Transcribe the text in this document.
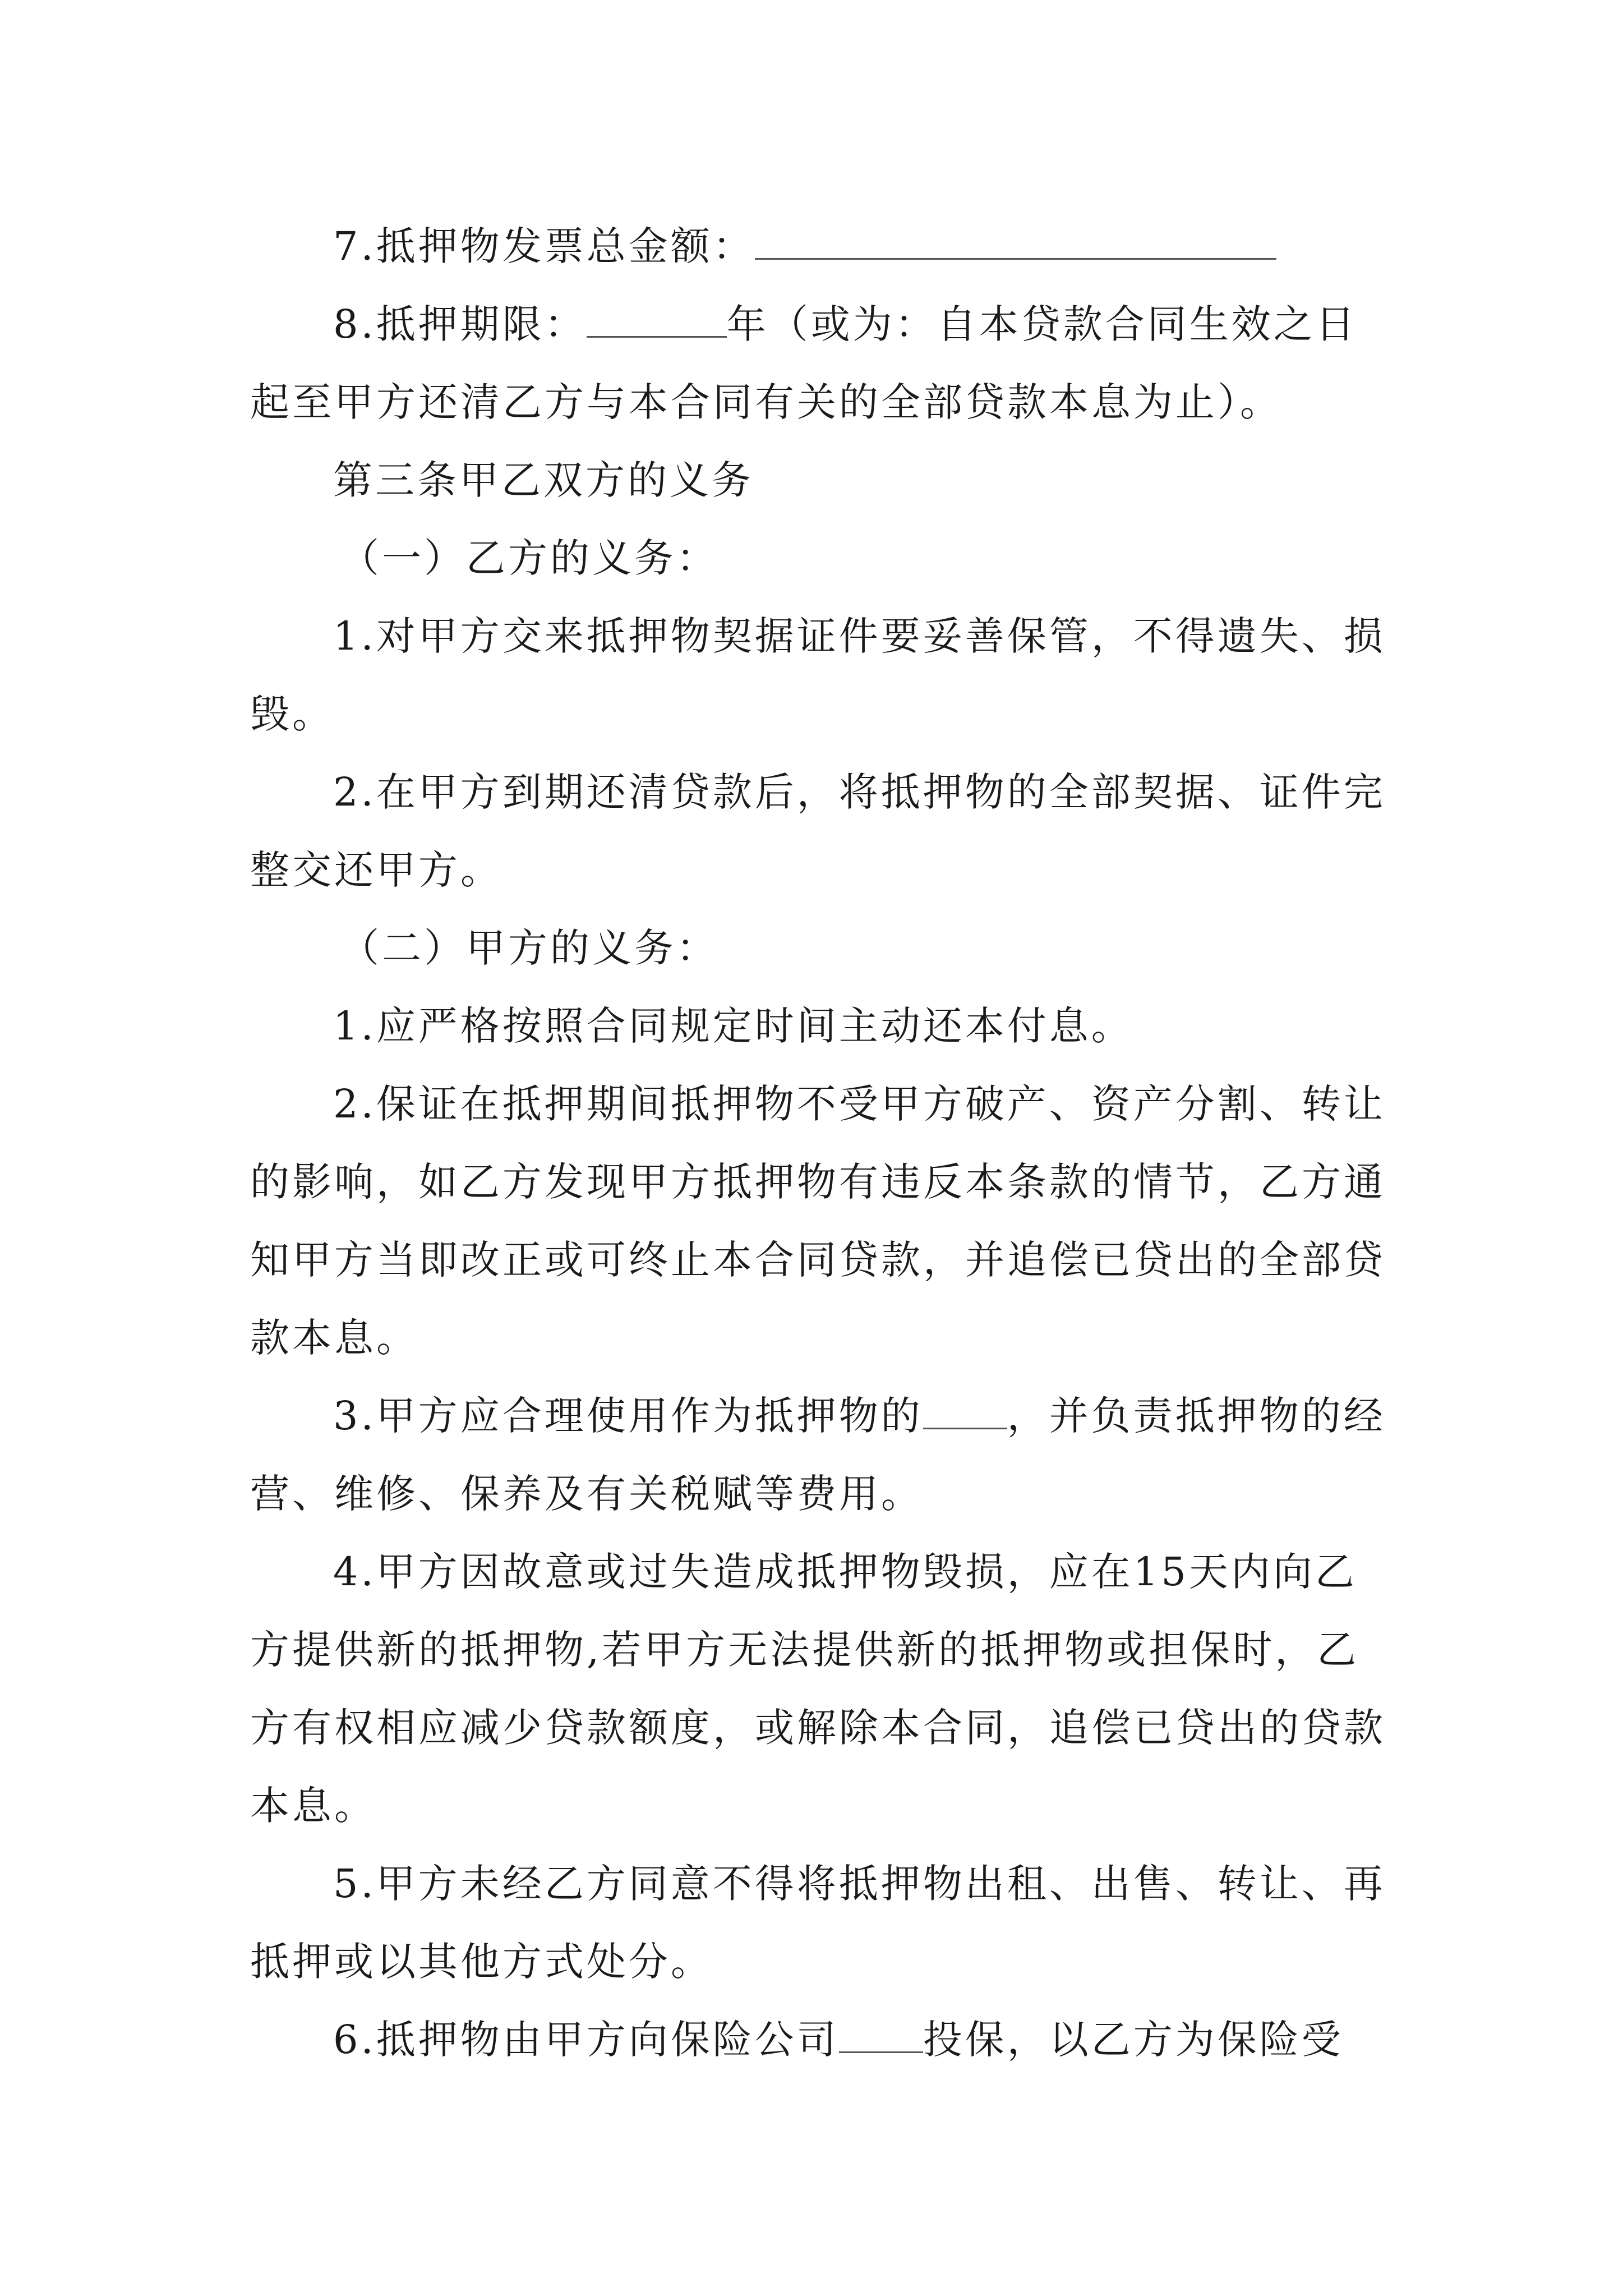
7.抵押物发票总金额：

8.抵押期限：	年（或为：自本贷款合同生效之日起至甲方还清乙方与本合同有关的全部贷款本息为止）。

第三条甲乙双方的义务

（一）乙方的义务：

1.对甲方交来抵押物契据证件要妥善保管，不得遗失、损毁。

2.在甲方到期还清贷款后，将抵押物的全部契据、证件完整交还甲方。

（二）甲方的义务：

1.应严格按照合同规定时间主动还本付息。

2.保证在抵押期间抵押物不受甲方破产、资产分割、转让的影响，如乙方发现甲方抵押物有违反本条款的情节，乙方通知甲方当即改正或可终止本合同贷款，并追偿已贷出的全部贷款本息。

3.甲方应合理使用作为抵押物的 ，并负责抵押物的经营、维修、保养及有关税赋等费用。

4.甲方因故意或过失造成抵押物毁损，应在15天内向乙方提供新的抵押物,若甲方无法提供新的抵押物或担保时，乙方有权相应减少贷款额度，或解除本合同，追偿已贷出的贷款本息。

5.甲方未经乙方同意不得将抵押物出租、出售、转让、再抵押或以其他方式处分。

6.抵押物由甲方向保险公司 投保，以乙方为保险受
